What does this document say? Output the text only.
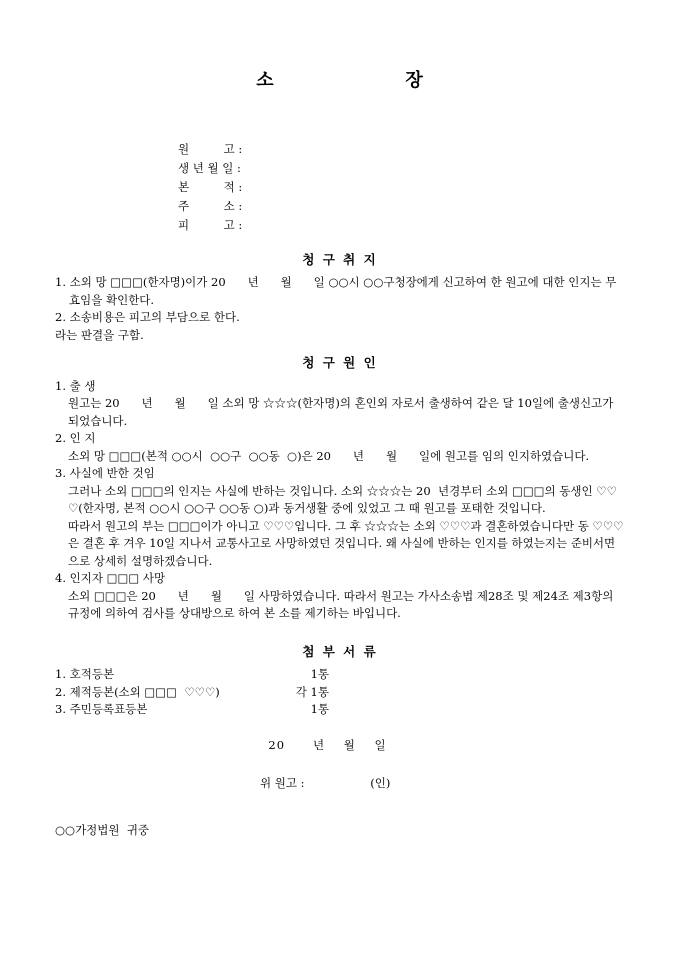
소                  장
원　　　고 :
생 년 월 일 :
본　　　적 :
주　　　소 :
피　　　고 :
청 구 취 지
1. 소외 망 □□□(한자명)이가 20      년      월      일 ○○시 ○○구청장에게 신고하여 한 원고에 대한 인지는 무효임을 확인한다.
2. 소송비용은 피고의 부담으로 한다.
라는 판결을 구함.
청 구 원 인
1. 출 생
원고는 20      년      월      일 소외 망 ☆☆☆(한자명)의 혼인외 자로서 출생하여 같은 달 10일에 출생신고가 되었습니다.
2. 인 지
소외 망 □□□(본적 ○○시  ○○구  ○○동  ○)은 20      년      월      일에 원고를 임의 인지하였습니다.
3. 사실에 반한 것임
그러나 소외 □□□의 인지는 사실에 반하는 것입니다. 소외 ☆☆☆는 20  년경부터 소외 □□□의 동생인 ♡♡♡(한자명, 본적 ○○시 ○○구 ○○동 ○)과 동거생활 중에 있었고 그 때 원고를 포태한 것입니다.
따라서 원고의 부는 □□□이가 아니고 ♡♡♡입니다. 그 후 ☆☆☆는 소외 ♡♡♡과 결혼하였습니다만 동 ♡♡♡은 결혼 후 겨우 10일 지나서 교통사고로 사망하였던 것입니다. 왜 사실에 반하는 인지를 하였는지는 준비서면으로 상세히 설명하겠습니다.
4. 인지자 □□□ 사망
소외 □□□은 20      년      월      일 사망하였습니다. 따라서 원고는 가사소송법 제28조 및 제24조 제3항의 규정에 의하여 검사를 상대방으로 하여 본 소를 제기하는 바입니다.
첨 부 서 류
1. 호적등본	1통
2. 제적등본(소외 □□□  ♡♡♡)	각 1통
3. 주민등록표등본	1통
20      년    월    일
위 원고 :                  (인)
○○가정법원  귀중
